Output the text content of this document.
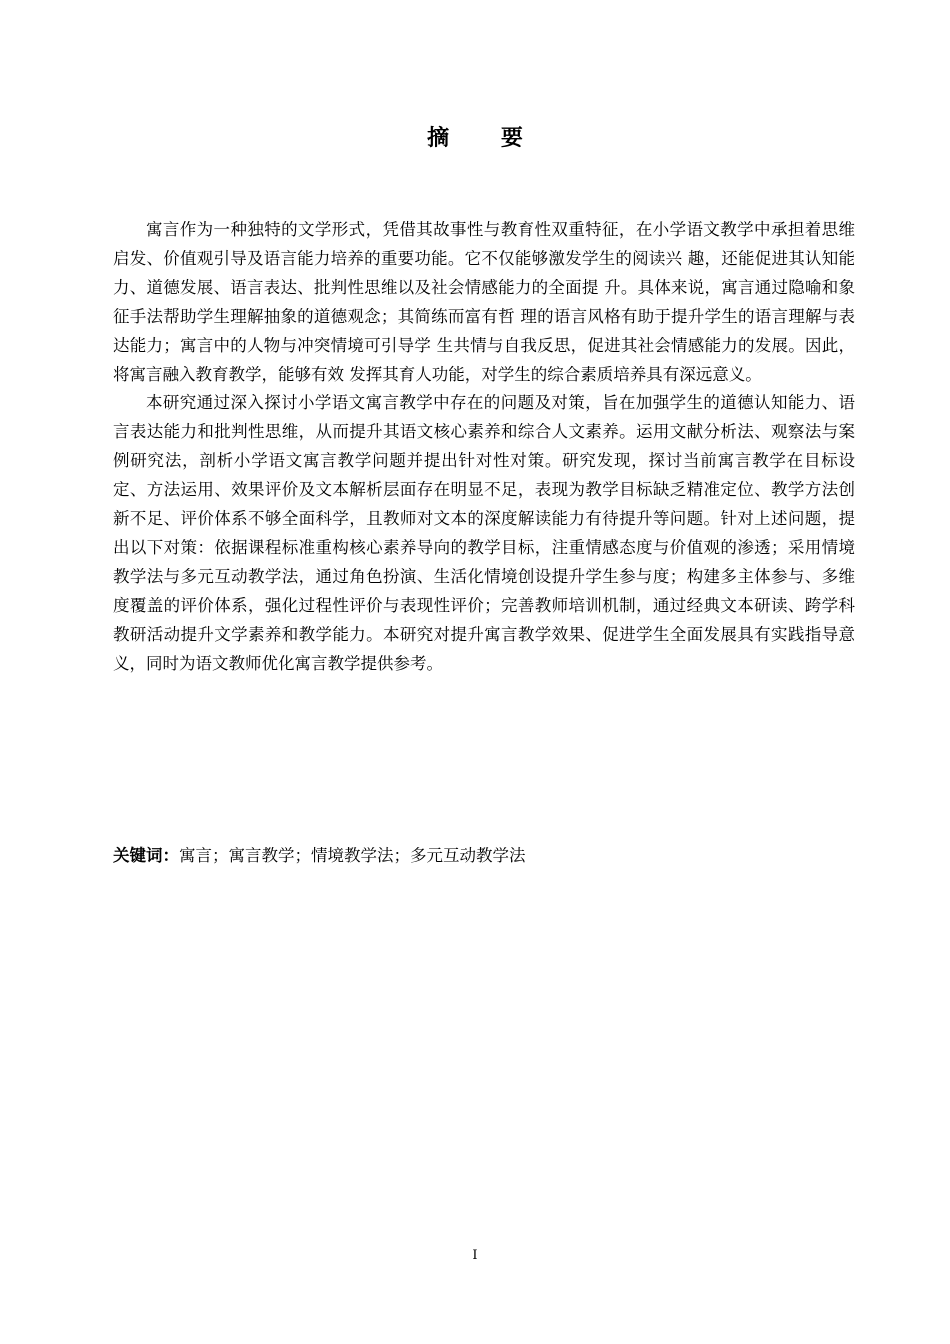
摘 要

寓言作为一种独特的文学形式，凭借其故事性与教育性双重特征，在小学语文教学中承担着思维启发、价值观引导及语言能力培养的重要功能。它不仅能够激发学生的阅读兴 趣，还能促进其认知能力、道德发展、语言表达、批判性思维以及社会情感能力的全面提 升。具体来说，寓言通过隐喻和象征手法帮助学生理解抽象的道德观念；其简练而富有哲 理的语言风格有助于提升学生的语言理解与表达能力；寓言中的人物与冲突情境可引导学 生共情与自我反思，促进其社会情感能力的发展。因此，将寓言融入教育教学，能够有效 发挥其育人功能，对学生的综合素质培养具有深远意义。

本研究通过深入探讨小学语文寓言教学中存在的问题及对策，旨在加强学生的道德认知能力、语言表达能力和批判性思维，从而提升其语文核心素养和综合人文素养。运用文献分析法、观察法与案例研究法，剖析小学语文寓言教学问题并提出针对性对策。研究发现，探讨当前寓言教学在目标设定、方法运用、效果评价及文本解析层面存在明显不足，表现为教学目标缺乏精准定位、教学方法创新不足、评价体系不够全面科学，且教师对文本的深度解读能力有待提升等问题。针对上述问题，提出以下对策：依据课程标准重构核心素养导向的教学目标，注重情感态度与价值观的渗透；采用情境教学法与多元互动教学法，通过角色扮演、生活化情境创设提升学生参与度；构建多主体参与、多维度覆盖的评价体系，强化过程性评价与表现性评价；完善教师培训机制，通过经典文本研读、跨学科教研活动提升文学素养和教学能力。本研究对提升寓言教学效果、促进学生全面发展具有实践指导意义，同时为语文教师优化寓言教学提供参考。

关键词：寓言；寓言教学；情境教学法；多元互动教学法
I
